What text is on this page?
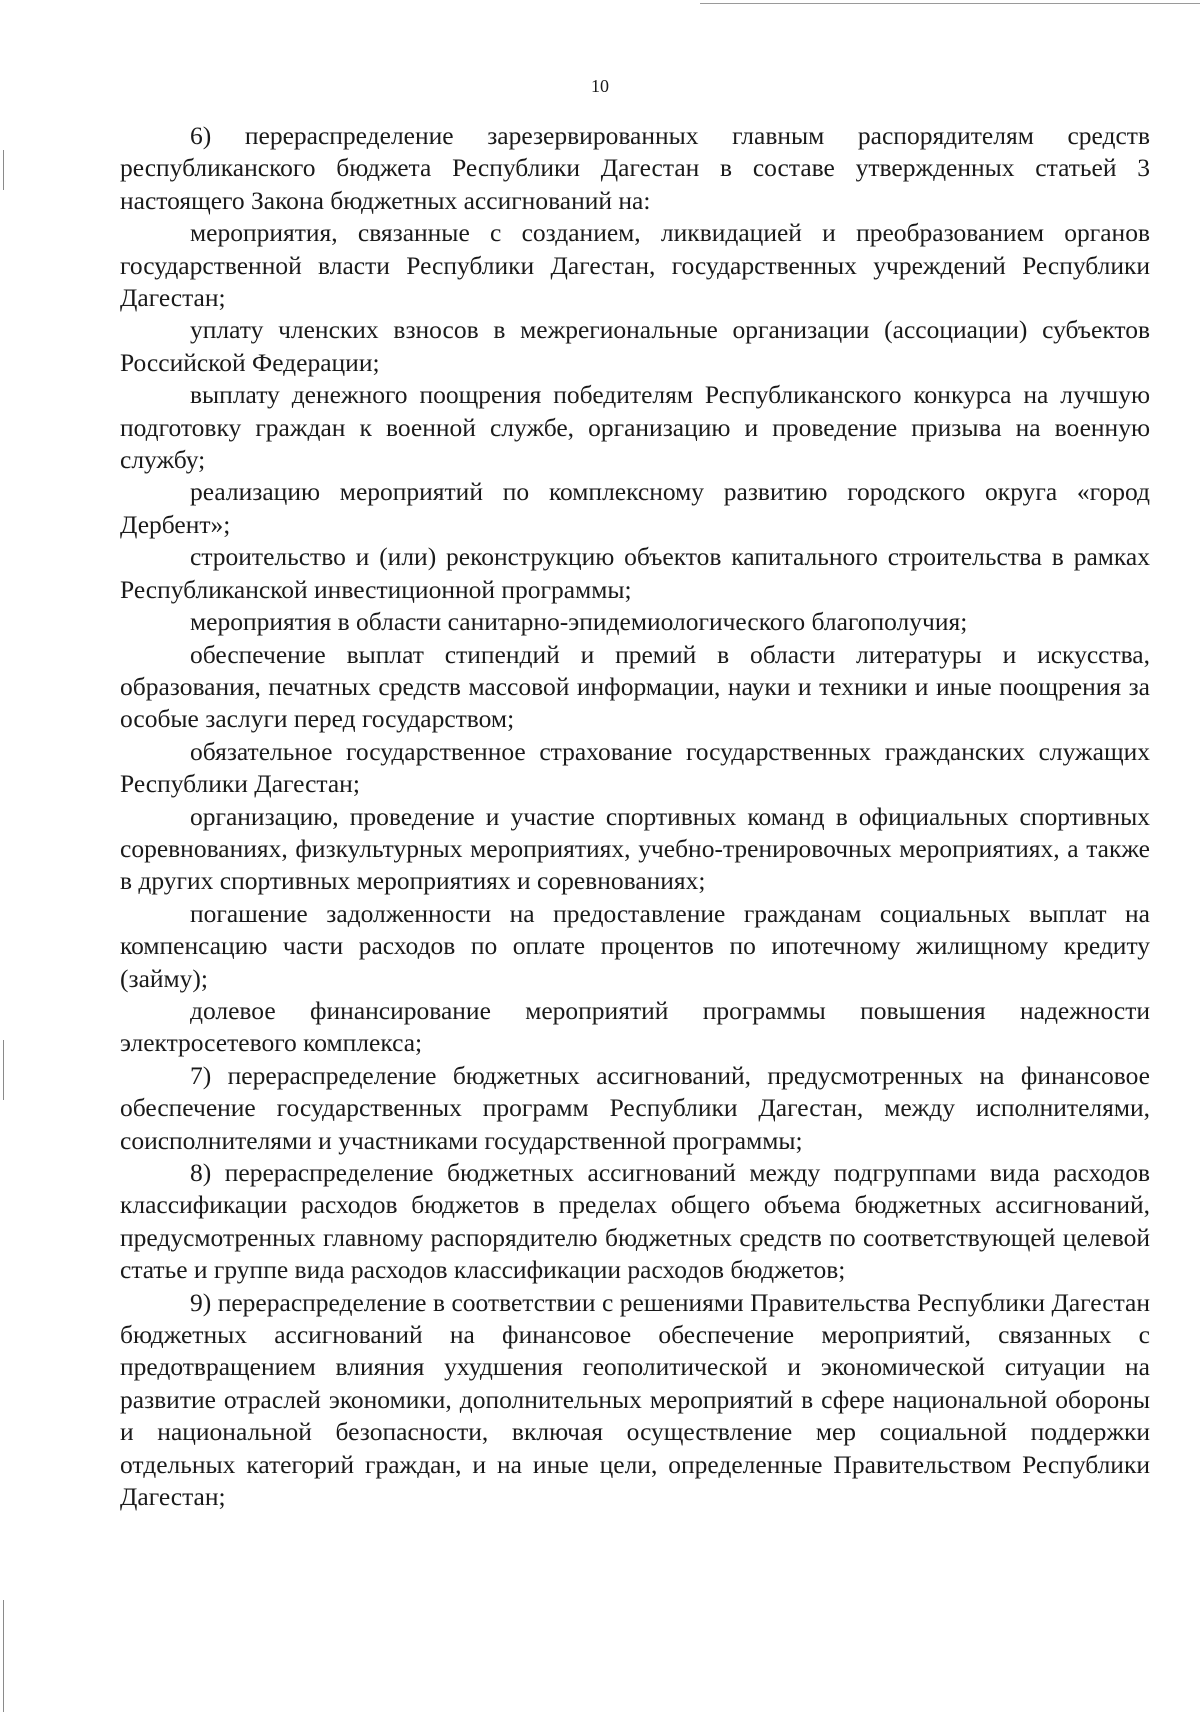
10

6) перераспределение зарезервированных главным распорядителям средств республиканского бюджета Республики Дагестан в составе утвержденных статьей 3 настоящего Закона бюджетных ассигнований на:

мероприятия, связанные с созданием, ликвидацией и преобразованием органов государственной власти Республики Дагестан, государственных учреждений Республики Дагестан;

уплату членских взносов в межрегиональные организации (ассоциации) субъектов Российской Федерации;

выплату денежного поощрения победителям Республиканского конкурса на лучшую подготовку граждан к военной службе, организацию и проведение призыва на военную службу;

реализацию мероприятий по комплексному развитию городского округа «город Дербент»;

строительство и (или) реконструкцию объектов капитального строительства в рамках Республиканской инвестиционной программы;

мероприятия в области санитарно-эпидемиологического благополучия;

обеспечение выплат стипендий и премий в области литературы и искусства, образования, печатных средств массовой информации, науки и техники и иные поощрения за особые заслуги перед государством;

обязательное государственное страхование государственных гражданских служащих Республики Дагестан;

организацию, проведение и участие спортивных команд в официальных спортивных соревнованиях, физкультурных мероприятиях, учебно-тренировочных мероприятиях, а также в других спортивных мероприятиях и соревнованиях;

погашение задолженности на предоставление гражданам социальных выплат на компенсацию части расходов по оплате процентов по ипотечному жилищному кредиту (займу);

долевое финансирование мероприятий программы повышения надежности электросетевого комплекса;

7) перераспределение бюджетных ассигнований, предусмотренных на финансовое обеспечение государственных программ Республики Дагестан, между исполнителями, соисполнителями и участниками государственной программы;

8) перераспределение бюджетных ассигнований между подгруппами вида расходов классификации расходов бюджетов в пределах общего объема бюджетных ассигнований, предусмотренных главному распорядителю бюджетных средств по соответствующей целевой статье и группе вида расходов классификации расходов бюджетов;

9) перераспределение в соответствии с решениями Правительства Республики Дагестан бюджетных ассигнований на финансовое обеспечение мероприятий, связанных с предотвращением влияния ухудшения геополитической и экономической ситуации на развитие отраслей экономики, дополнительных мероприятий в сфере национальной обороны и национальной безопасности, включая осуществление мер социальной поддержки отдельных категорий граждан, и на иные цели, определенные Правительством Республики Дагестан;
